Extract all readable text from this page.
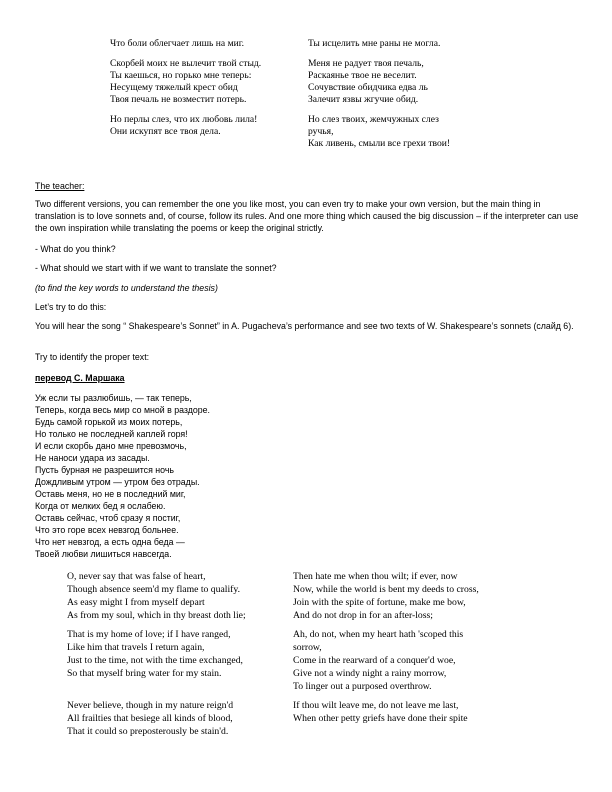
Что боли облегчает лишь на миг.	Ты исцелить мне раны не могла.
Скорбей моих не вылечит твой стыд.
Ты каешься, но горько мне теперь:
Несущему тяжелый крест обид
Твоя печаль не возместит потерь.
Меня не радует твоя печаль,
Раскаянье твое не веселит.
Сочувствие обидчика едва ль
Залечит язвы жгучие обид.
Но перлы слез, что их любовь лила!
Они искупят все твоя дела.
Но слез твоих, жемчужных слез
ручья,
Как ливень, смыли все грехи твои!
The teacher:
Two different versions, you can remember the one you like most, you can even try to make your own version, but the main thing in translation is to love sonnets and, of course, follow its rules. And one more thing which caused the big discussion – if the interpreter can use the own inspiration while translating the poems or keep the original strictly.
- What do you think?
- What should we start with if we want to translate the sonnet?
(to find the key words to understand the thesis)
Let’s try to do this:
You will hear the song “ Shakespeare’s Sonnet” in A. Pugacheva’s performance and see two texts of W. Shakespeare’s sonnets (слайд 6).
Try to identify the proper text:
перевод С. Маршака
Уж если ты разлюбишь, — так теперь,
Теперь, когда весь мир со мной в раздоре.
Будь самой горькой из моих потерь,
Но только не последней каплей горя!
И если скорбь дано мне превозмочь,
Не наноси удара из засады.
Пусть бурная не разрешится ночь
Дождливым утром — утром без отрады.
Оставь меня, но не в последний миг,
Когда от мелких бед я ослабею.
Оставь сейчас, чтоб сразу я постиг,
Что это горе всех невзгод больнее.
Что нет невзгод, а есть одна беда —
Твоей любви лишиться навсегда.
O, never say that was false of heart,
Though absence seem'd my flame to qualify.
As easy might I from myself depart
As from my soul, which in thy breast doth lie;
Then hate me when thou wilt; if ever, now
Now, while the world is bent my deeds to cross,
Join with the spite of fortune, make me bow,
And do not drop in for an after-loss;
That is my home of love; if I have ranged,
Like him that travels I return again,
Just to the time, not with the time exchanged,
So that myself bring water for my stain.
Ah, do not, when my heart hath 'scoped this
sorrow,
Come in the rearward of a conquer'd woe,
Give not a windy night a rainy morrow,
To linger out a purposed overthrow.
Never believe, though in my nature reign'd
All frailties that besiege all kinds of blood,
That it could so preposterously be stain'd.
If thou wilt leave me, do not leave me last,
When other petty griefs have done their spite
